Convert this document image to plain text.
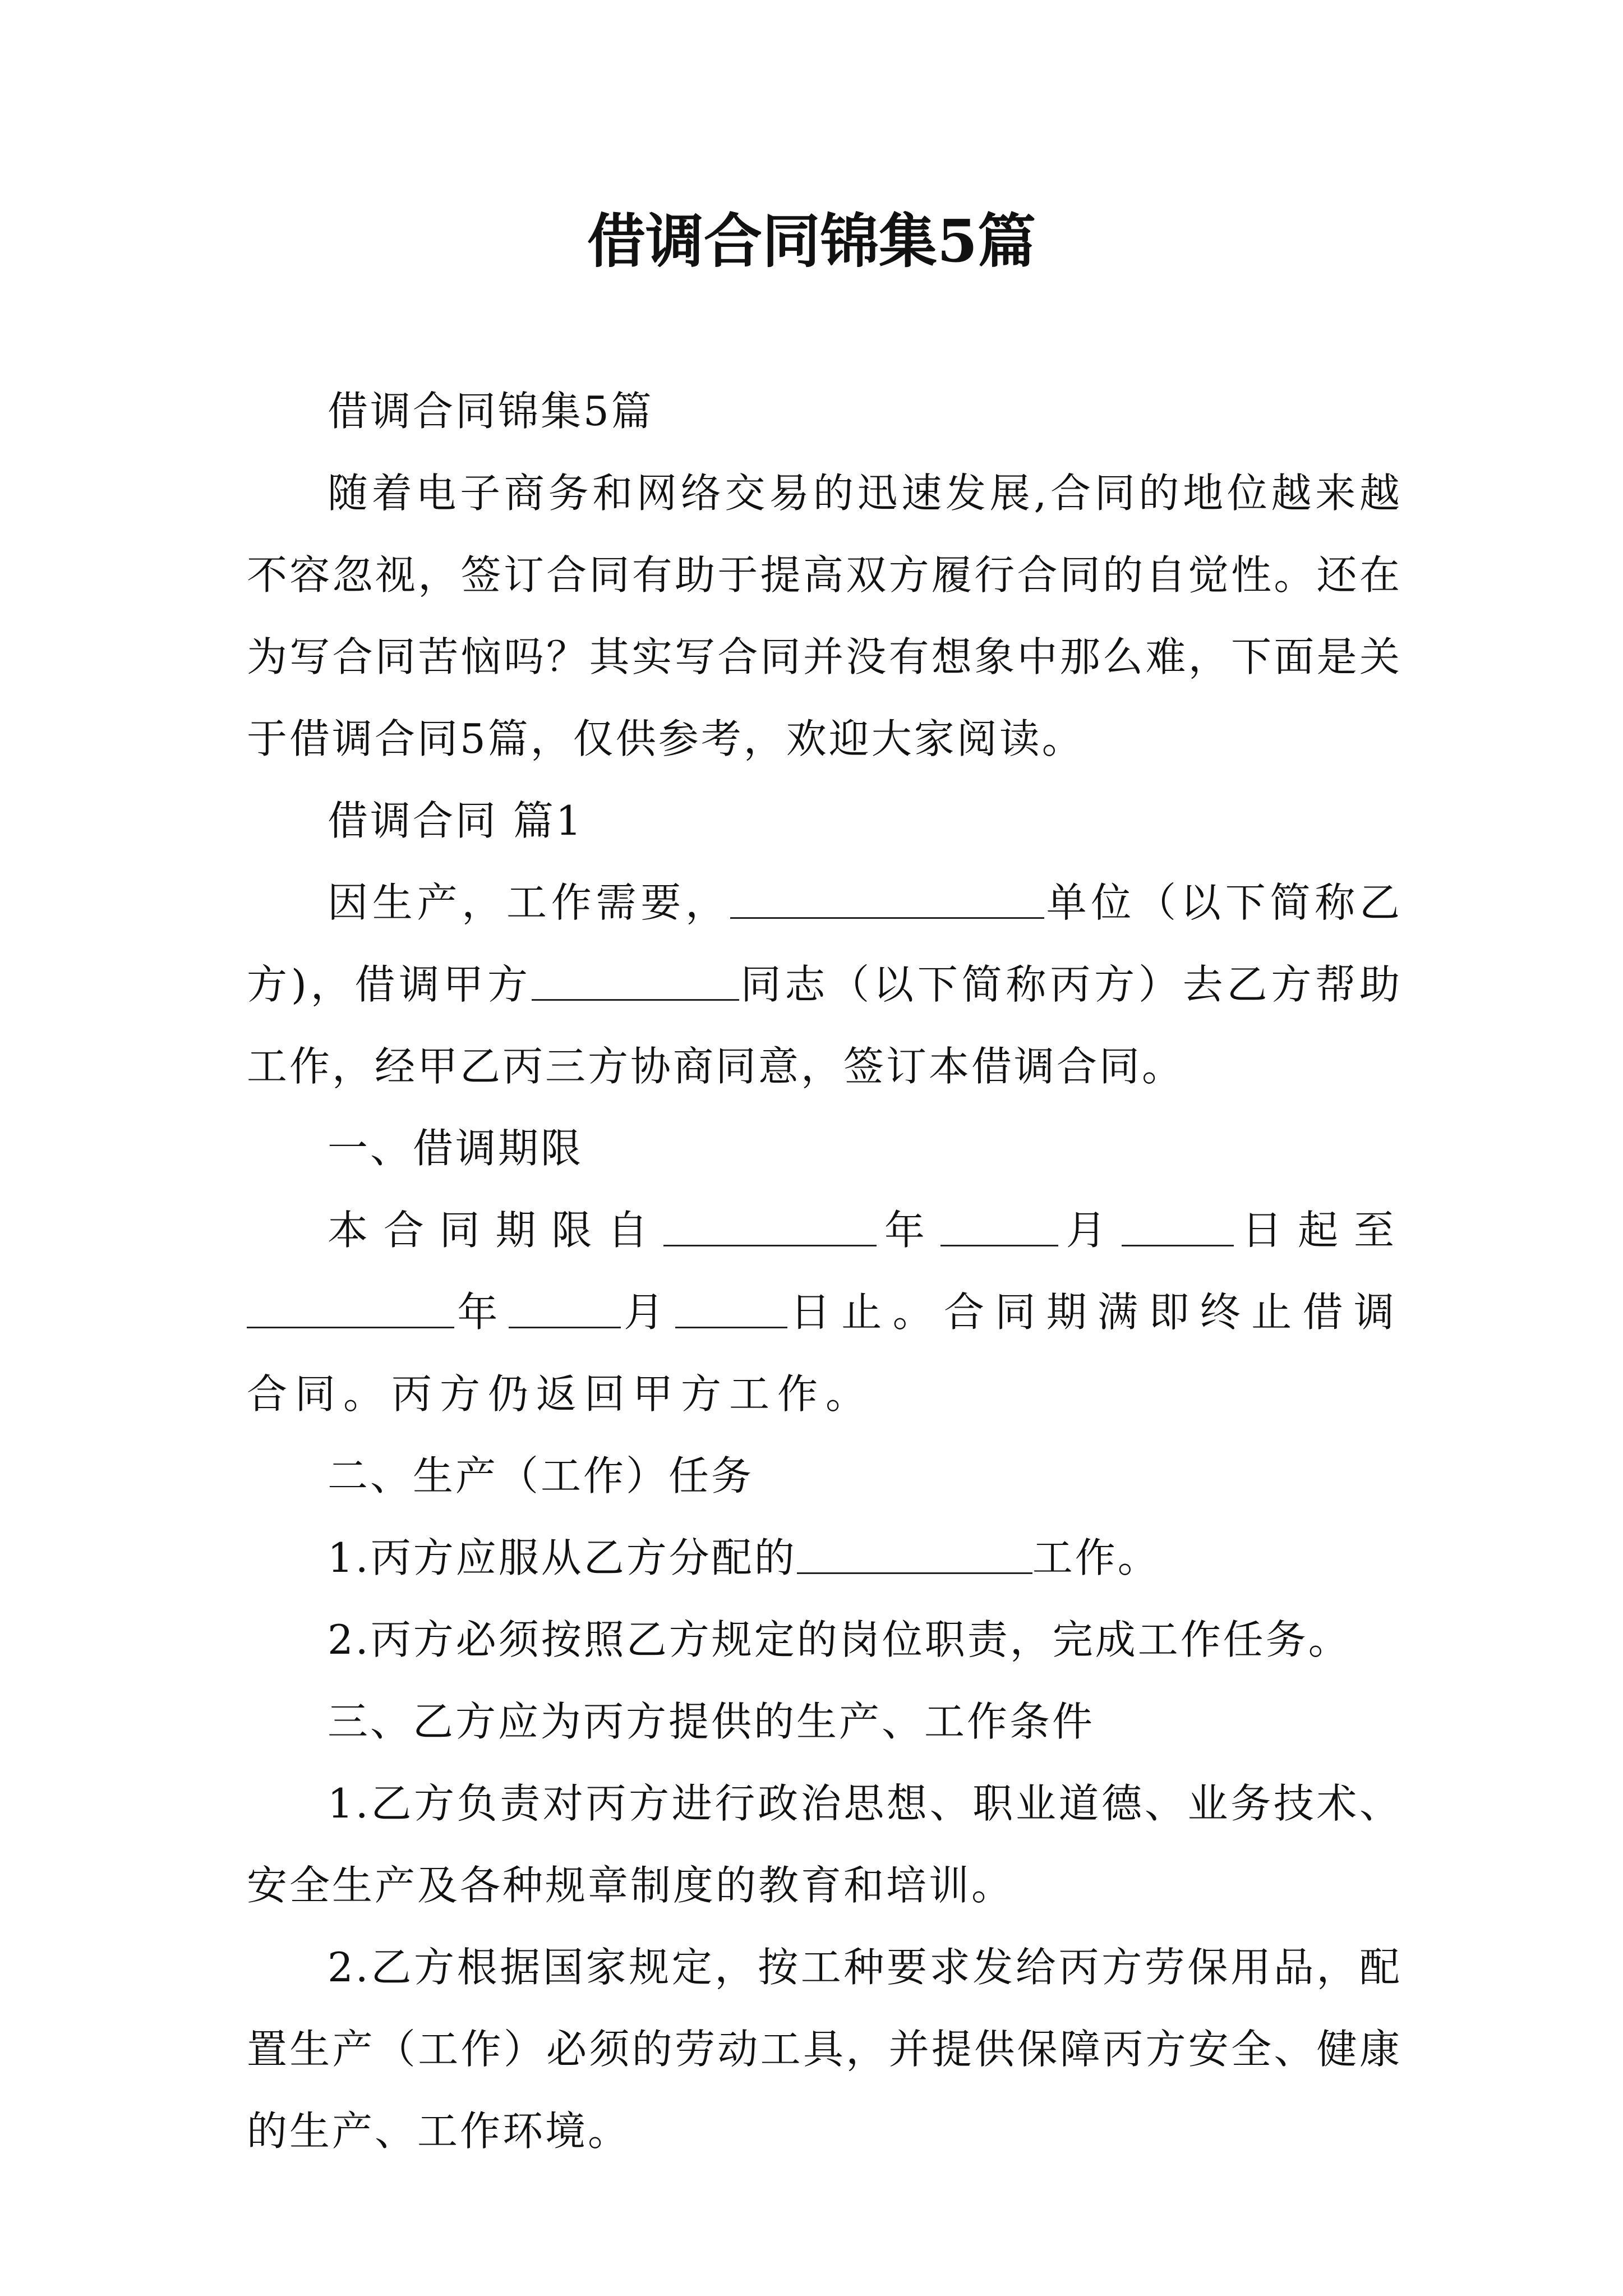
借调合同锦集5篇

借调合同锦集5篇

随着电子商务和网络交易的迅速发展,合同的地位越来越不容忽视，签订合同有助于提高双方履行合同的自觉性。还在为写合同苦恼吗？其实写合同并没有想象中那么难，下面是关于借调合同5篇，仅供参考，欢迎大家阅读。

借调合同 篇1

因生产，工作需要，	单位（以下简称乙方)，借调甲方	同志（以下简称丙方）去乙方帮助工作，经甲乙丙三方协商同意，签订本借调合同。

一、借调期限

本合同期限自	年	月	日起至年	月	日止。合同期满即终止借调合同。丙方仍返回甲方工作。

二、生产（工作）任务

1.丙方应服从乙方分配的	工作。

2.丙方必须按照乙方规定的岗位职责，完成工作任务。

三、乙方应为丙方提供的生产、工作条件

1.乙方负责对丙方进行政治思想、职业道德、业务技术、安全生产及各种规章制度的教育和培训。

2.乙方根据国家规定，按工种要求发给丙方劳保用品，配置生产（工作）必须的劳动工具，并提供保障丙方安全、健康的生产、工作环境。
